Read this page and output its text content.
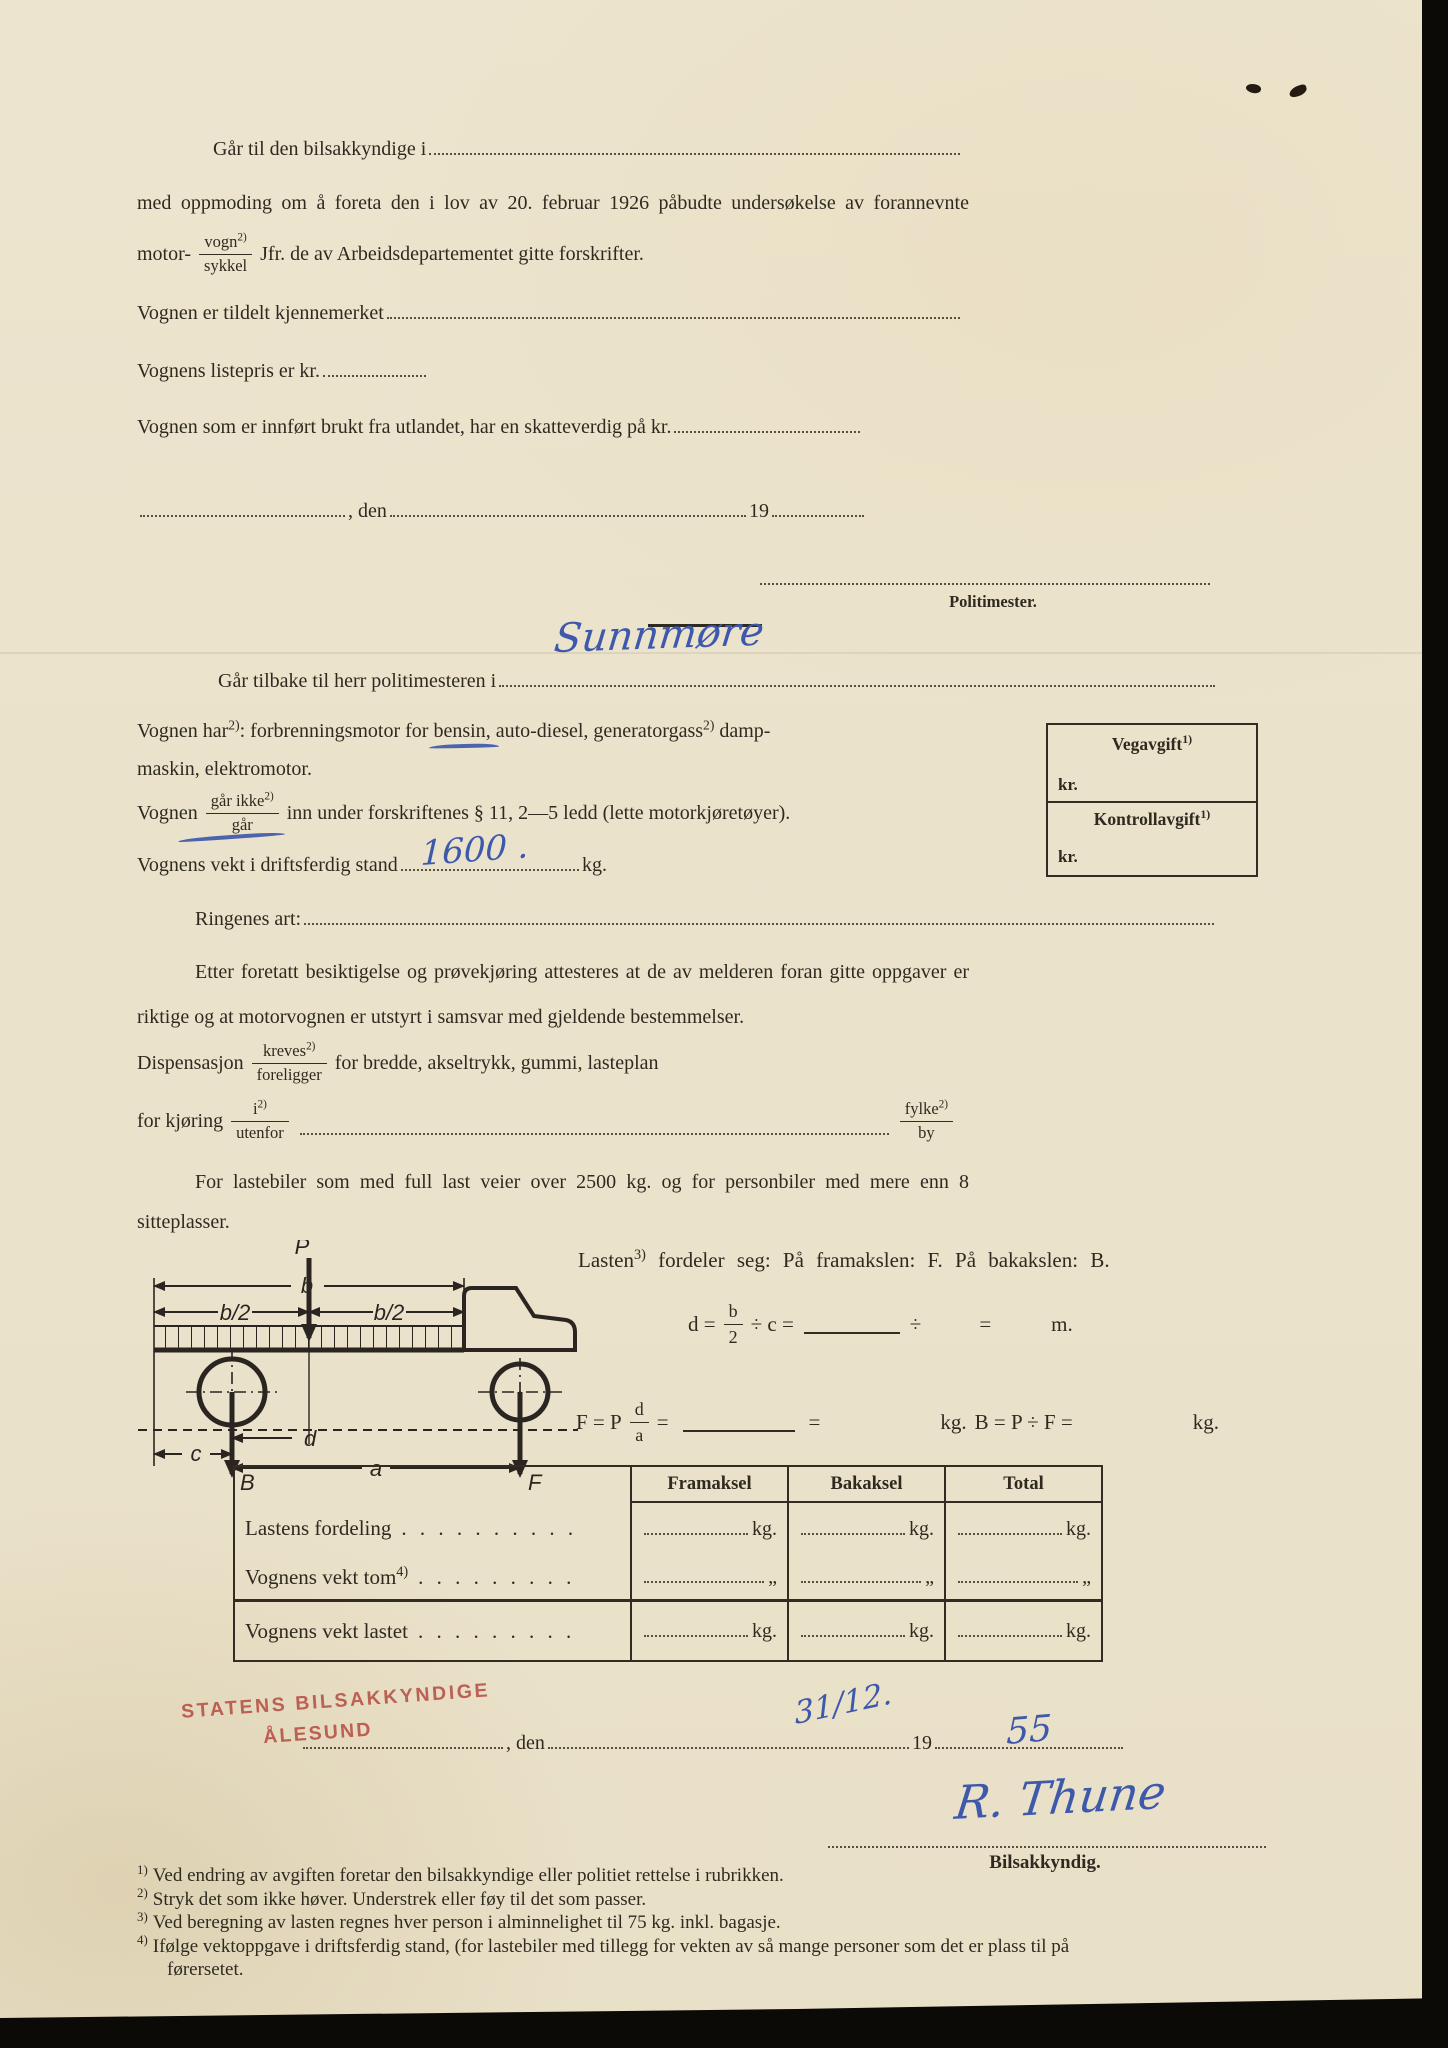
Går til den bilsakkyndige i
med oppmoding om å foreta den i lov av 20. februar 1926 påbudte undersøkelse av forannevnte
motor- $\frac{vogn^{2)}}{\text{sykkel}}$ Jfr. de av Arbeidsdepartementet gitte forskrifter.
Vognen er tildelt kjennemerket
Vognens listepris er kr.
Vognen som er innført brukt fra utlandet, har en skatteverdig på kr.
, den	19
Politimester.
Går tilbake til herr politimesteren i
Sunnmøre
Vognen har$^{2)}$: forbrenningsmotor for bensin, auto-diesel, generatorgass$^{2)}$ damp-
maskin, elektromotor.
Vegavgift$^{1)}$
kr.
Kontrollavgift$^{1)}$
kr.
Vognen $\frac{går ikke^{2)}}{\text{går}}$ inn under forskriftenes § 11, 2—5 ledd (lette motorkjøretøyer).
Vognens vekt i driftsferdig stand	kg.
1600 .
Ringenes art:
Etter foretatt besiktigelse og prøvekjøring attesteres at de av melderen foran gitte oppgaver er riktige og at motorvognen er utstyrt i samsvar med gjeldende bestemmelser.
Dispensasjon $\frac{kreves^{2)}}{\text{foreligger}}$ for bredde, akseltrykk, gummi, lasteplan
for kjøring $\frac{i^{2)}}{\text{utenfor}}$	$\frac{fylke^{2)}}{by}$
For lastebiler som med full last veier over 2500 kg. og for personbiler med mere enn 8 sitteplasser.
P
b
b/2	b/2
c
d
a
B	F
Lasten$^{3)}$ fordeler seg: På framakslen: F. På bakakslen: B.
$d = \frac{b}{2} \div c$ =	÷	=	m.
F = P $\frac{d}{a}$ =	=	kg. B = P ÷ F =	kg.
	Framaksel	Bakaksel	Total

Lastens fordeling . . . . . . . . . .	kg.	kg.	kg.

Vognens vekt tom$^{4)}$ . . . . . . . . .	„	„	„

Vognens vekt lastet . . . . . . . . .	kg.	kg.	kg.
STATENS BILSAKKYNDIGE
ÅLESUND	, den	19
31/12.	55
R. Thune
Bilsakkyndig.
$^{1)}$ Ved endring av avgiften foretar den bilsakkyndige eller politiet rettelse i rubrikken.
$^{2)}$ Stryk det som ikke høver. Understrek eller føy til det som passer.
$^{3)}$ Ved beregning av lasten regnes hver person i alminnelighet til 75 kg. inkl. bagasje.
$^{4)}$ Ifølge vektoppgave i driftsferdig stand, (for lastebiler med tillegg for vekten av så mange personer som det er plass til på førersetet.
